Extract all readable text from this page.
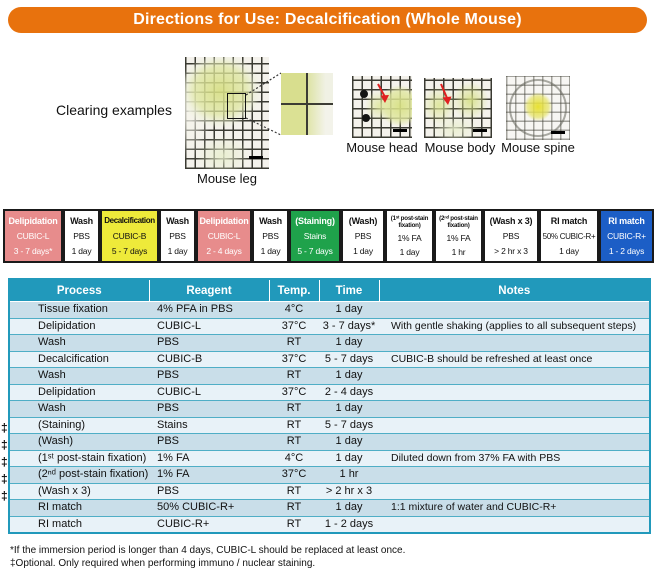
Directions for Use: Decalcification (Whole Mouse)
Clearing examples
Mouse leg
Mouse head Mouse body Mouse spine
Delipidation
CUBIC-L
3 - 7 days*
Wash
PBS
1 day
Decalcification
CUBIC-B
5 - 7 days
Wash
PBS
1 day
Delipidation
CUBIC-L
2 - 4 days
Wash
PBS
1 day
(Staining)
Stains
5 - 7 days
(Wash)
PBS
1 day
(1ˢᵗ post-stain fixation)
1% FA
1 day
(2ⁿᵈ post-stain fixation)
1% FA
1 hr
(Wash x 3)
PBS
> 2 hr x 3
RI match
50% CUBIC-R+
1 day
RI match
CUBIC-R+
1 - 2 days
Process	Reagent	Temp.	Time	Notes
Tissue fixation	4% PFA in PBS	4°C	1 day	
Delipidation	CUBIC-L	37°C	3 - 7 days*	With gentle shaking (applies to all subsequent steps)
Wash	PBS	RT	1 day	
Decalcification	CUBIC-B	37°C	5 - 7 days	CUBIC-B should be refreshed at least once
Wash	PBS	RT	1 day	
Delipidation	CUBIC-L	37°C	2 - 4 days	
Wash	PBS	RT	1 day	
(Staining)	Stains	RT	5 - 7 days	
(Wash)	PBS	RT	1 day	
(1ˢᵗ post-stain fixation)	1% FA	4°C	1 day	Diluted down from 37% FA with PBS
(2ⁿᵈ post-stain fixation)	1% FA	37°C	1 hr	
(Wash x 3)	PBS	RT	> 2 hr x 3	
RI match	50% CUBIC-R+	RT	1 day	1:1 mixture of water and CUBIC-R+
RI match	CUBIC-R+	RT	1 - 2 days	
‡
‡
‡
‡
‡
*If the immersion period is longer than 4 days, CUBIC-L should be replaced at least once.
‡Optional. Only required when performing immuno / nuclear staining.
